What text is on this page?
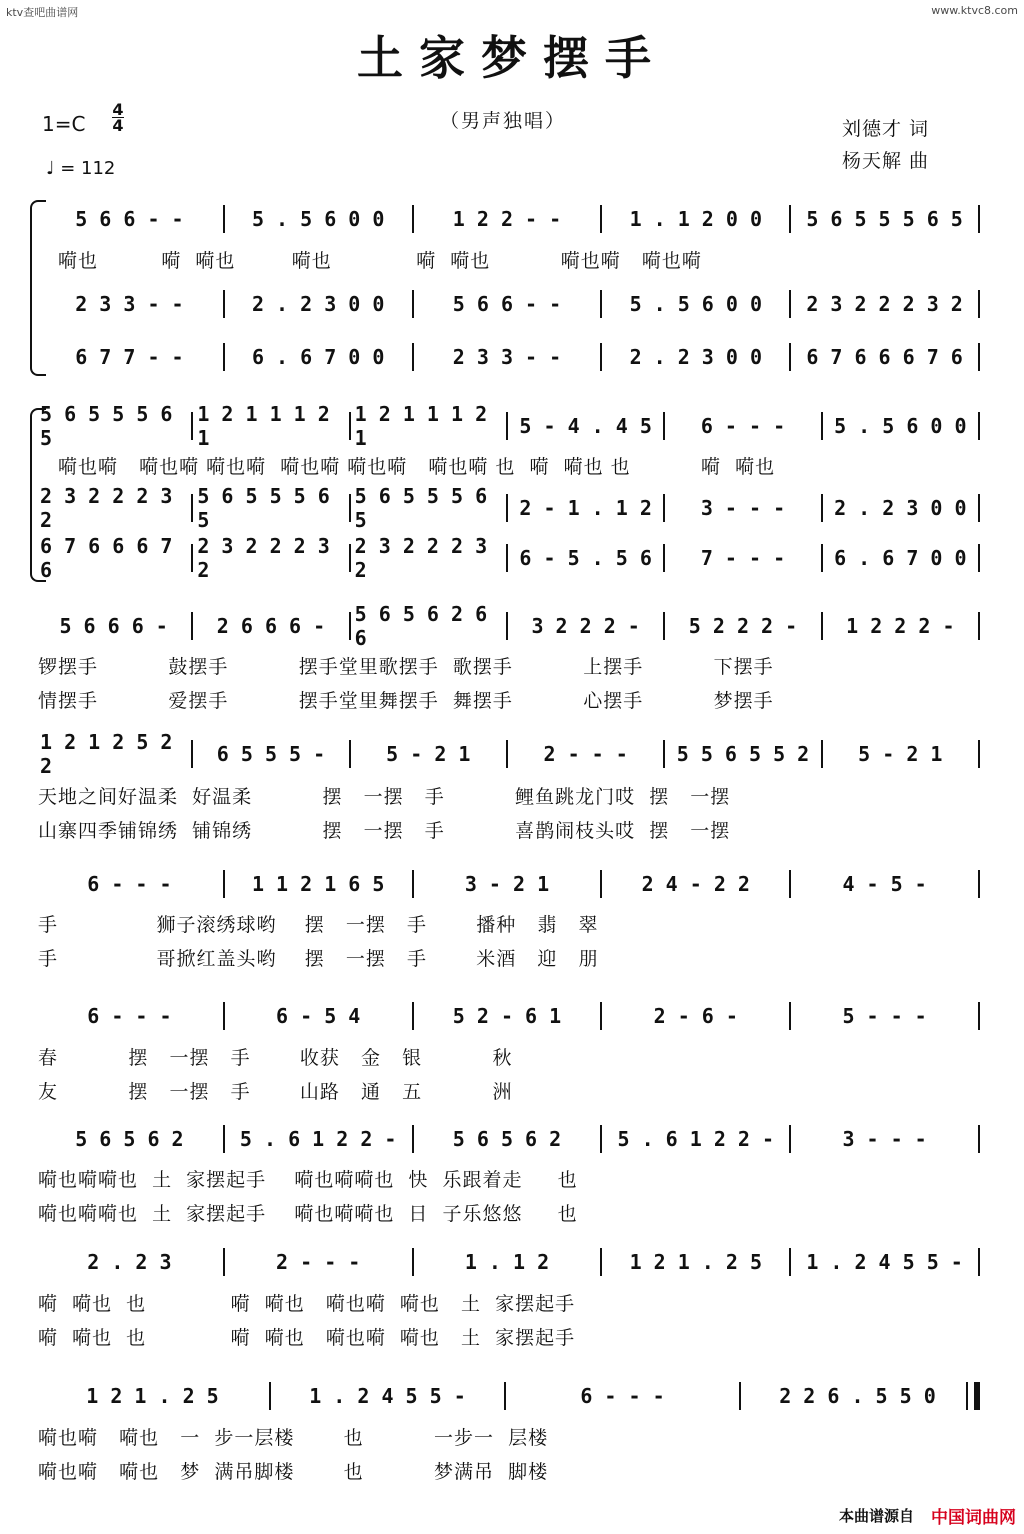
ktv查吧曲谱网	www.ktvc8.com
土家梦摆手
（男声独唱）
1=C
4
4
♩ = 112
刘德才 词
杨天解 曲
5 6 6 - -	5 . 5 6 0 0	1 2 2 - -	1 . 1 2 0 0	5 6 5 5 5 6 5
嗬也         嗬  嗬也        嗬也            嗬  嗬也          嗬也嗬   嗬也嗬
2 3 3 - -	2 . 2 3 0 0	5 6 6 - -	5 . 5 6 0 0	2 3 2 2 2 3 2
6 7 7 - -	6 . 6 7 0 0	2 3 3 - -	2 . 2 3 0 0	6 7 6 6 6 7 6
5 6 5 5 5 6 5
1 2 1 1 1 2 1
1 2 1 1 1 2 1	5 - 4 . 4 5	6 - - -	5 . 5 6 0 0
嗬也嗬   嗬也嗬 嗬也嗬  嗬也嗬 嗬也嗬   嗬也嗬 也  嗬  嗬也 也          嗬  嗬也
2 3 2 2 2 3 2
5 6 5 5 5 6 5
5 6 5 5 5 6 5	2 - 1 . 1 2	3 - - -	2 . 2 3 0 0
6 7 6 6 6 7 6
2 3 2 2 2 3 2
2 3 2 2 2 3 2	6 - 5 . 5 6	7 - - -	6 . 6 7 0 0
5 6 6 6 -	2 6 6 6 -	5 6 5 6 2 6 6	3 2 2 2 -	5 2 2 2 -	1 2 2 2 -
锣摆手          鼓摆手          摆手堂里歌摆手  歌摆手          上摆手          下摆手
情摆手          爱摆手          摆手堂里舞摆手  舞摆手          心摆手          梦摆手
1 2 1 2 5 2 2	6 5 5 5 -	5 - 2 1	2 - - -	5 5 6 5 5 2	5 - 2 1
天地之间好温柔  好温柔          摆   一摆   手          鲤鱼跳龙门哎  摆   一摆
山寨四季铺锦绣  铺锦绣          摆   一摆   手          喜鹊闹枝头哎  摆   一摆
6 - - -	1 1 2 1 6 5	3 - 2 1	2 4 - 2 2	4 - 5 -
手              狮子滚绣球哟    摆   一摆   手       播种   翡   翠
手              哥掀红盖头哟    摆   一摆   手       米酒   迎   朋
6 - - -	6 - 5 4	5 2 - 6 1	2 - 6 -	5 - - -
春          摆   一摆   手       收获   金   银          秋
友          摆   一摆   手       山路   通   五          洲
5 6 5 6 2	5 . 6 1 2 2 -	5 6 5 6 2	5 . 6 1 2 2 -	3 - - -
嗬也嗬嗬也  土  家摆起手    嗬也嗬嗬也  快  乐跟着走     也
嗬也嗬嗬也  土  家摆起手    嗬也嗬嗬也  日  子乐悠悠     也
2 . 2 3	2 - - -	1 . 1 2	1 2 1 . 2 5	1 . 2 4 5 5 -
嗬  嗬也  也            嗬  嗬也   嗬也嗬  嗬也   土  家摆起手
嗬  嗬也  也            嗬  嗬也   嗬也嗬  嗬也   土  家摆起手
1 2 1 . 2 5	1 . 2 4 5 5 -	6 - - -	2 2 6 . 5 5 0
嗬也嗬   嗬也   一  步一层楼       也          一步一  层楼
嗬也嗬   嗬也   梦  满吊脚楼       也          梦满吊  脚楼
本曲谱源自 中国词曲网
